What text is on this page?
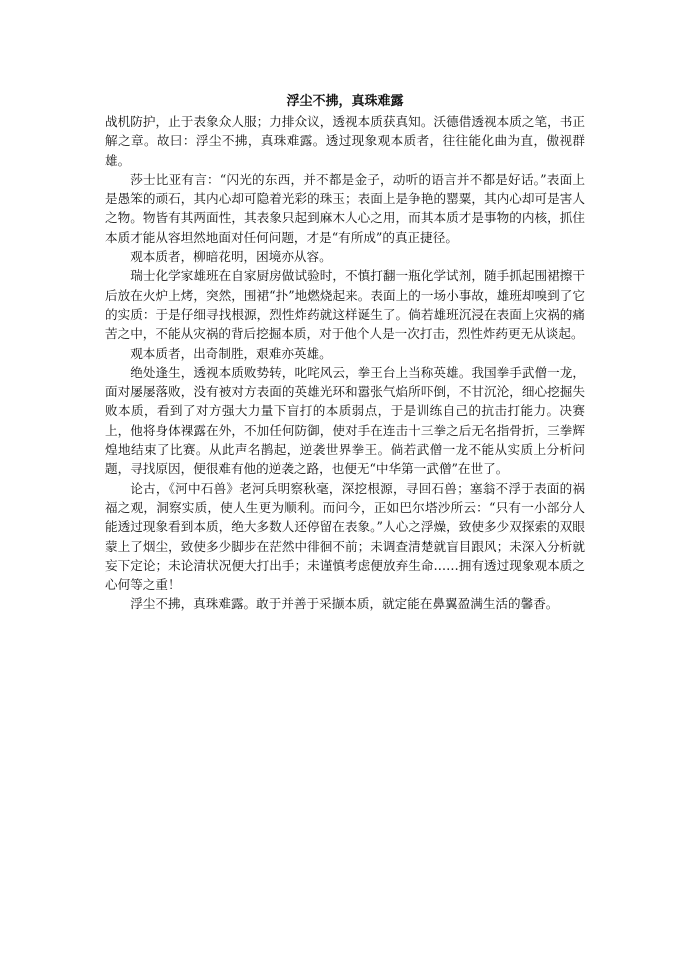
浮尘不拂，真珠难露

战机防护，止于表象众人服；力排众议，透视本质获真知。沃德借透视本质之笔，书正解之章。故曰：浮尘不拂，真珠难露。透过现象观本质者，往往能化曲为直，傲视群雄。

莎士比亚有言：“闪光的东西，并不都是金子，动听的语言并不都是好话。”表面上是愚笨的顽石，其内心却可隐着光彩的珠玉；表面上是争艳的罂粟，其内心却可是害人之物。物皆有其两面性，其表象只起到麻木人心之用，而其本质才是事物的内核，抓住本质才能从容坦然地面对任何问题，才是“有所成”的真正捷径。

观本质者，柳暗花明，困境亦从容。

瑞士化学家雄班在自家厨房做试验时，不慎打翻一瓶化学试剂，随手抓起围裙擦干后放在火炉上烤，突然，围裙“扑”地燃烧起来。表面上的一场小事故，雄班却嗅到了它的实质：于是仔细寻找根源，烈性炸药就这样诞生了。倘若雄班沉浸在表面上灾祸的痛苦之中，不能从灾祸的背后挖掘本质，对于他个人是一次打击，烈性炸药更无从谈起。

观本质者，出奇制胜，艰难亦英雄。

绝处逢生，透视本质败势转，叱咤风云，拳王台上当称英雄。我国拳手武僧一龙，面对屡屡落败，没有被对方表面的英雄光环和嚣张气焰所吓倒，不甘沉沦，细心挖掘失败本质，看到了对方强大力量下盲打的本质弱点，于是训练自己的抗击打能力。决赛上，他将身体裸露在外，不加任何防御，使对手在连击十三拳之后无名指骨折，三拳辉煌地结束了比赛。从此声名鹊起，逆袭世界拳王。倘若武僧一龙不能从实质上分析问题，寻找原因，便很难有他的逆袭之路，也便无“中华第一武僧”在世了。

论古，《河中石兽》老河兵明察秋毫，深挖根源，寻回石兽；塞翁不浮于表面的祸福之观，洞察实质，使人生更为顺利。而问今，正如巴尔塔沙所云：“只有一小部分人能透过现象看到本质，绝大多数人还停留在表象。”人心之浮燥，致使多少双探索的双眼蒙上了烟尘，致使多少脚步在茫然中徘徊不前；未调查清楚就盲目跟风；未深入分析就妄下定论；未论清状况便大打出手；未谨慎考虑便放弃生命……拥有透过现象观本质之心何等之重！

浮尘不拂，真珠难露。敢于并善于采撷本质，就定能在鼻翼盈满生活的馨香。
